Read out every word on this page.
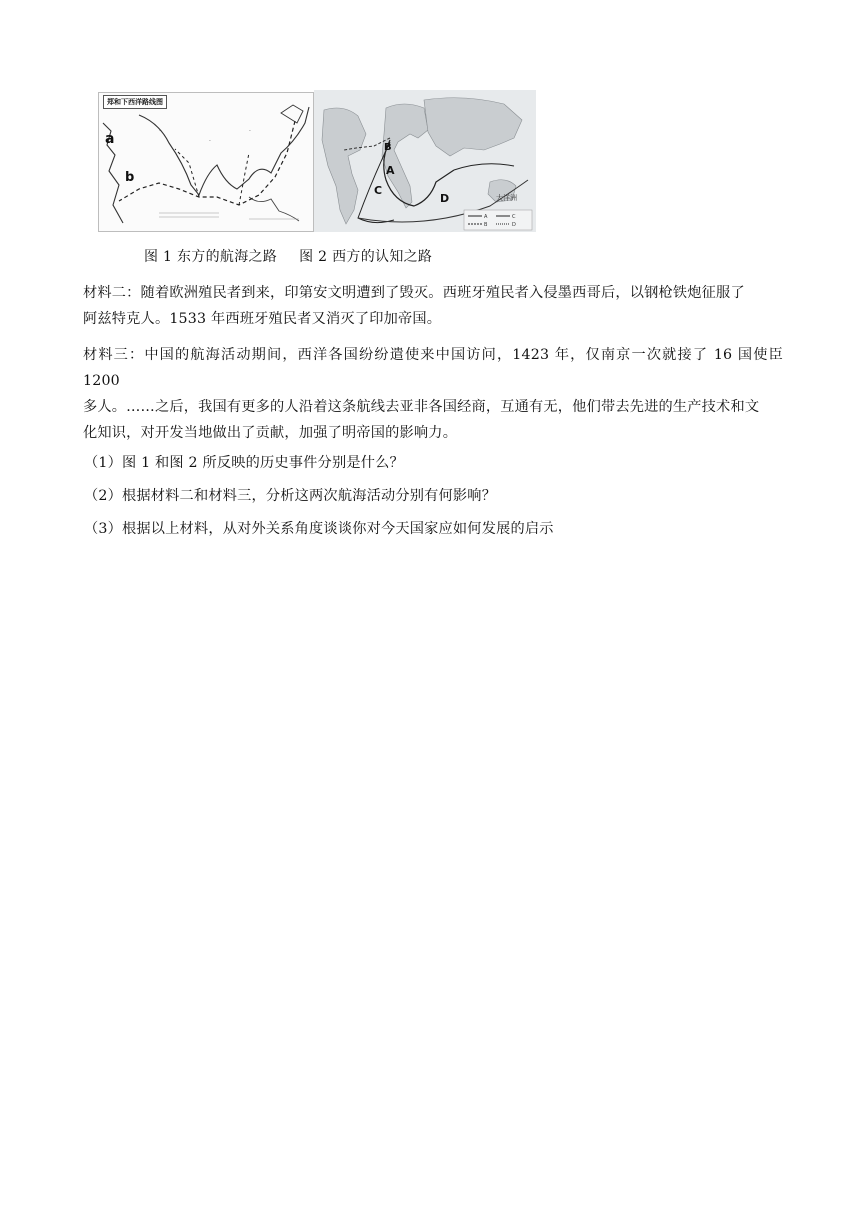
·
·
·
a
b
郑和下西洋路线图
B
A
C
D	大洋洲
A	C
B	D
图 1 东方的航海之路 图 2 西方的认知之路
材料二：随着欧洲殖民者到来，印第安文明遭到了毁灭。西班牙殖民者入侵墨西哥后，以钢枪铁炮征服了
阿兹特克人。1533 年西班牙殖民者又消灭了印加帝国。
材料三：中国的航海活动期间，西洋各国纷纷遣使来中国访问，1423 年，仅南京一次就接了 16 国使臣 1200
多人。……之后，我国有更多的人沿着这条航线去亚非各国经商，互通有无，他们带去先进的生产技术和文
化知识，对开发当地做出了贡献，加强了明帝国的影响力。
（1）图 1 和图 2 所反映的历史事件分别是什么？
（2）根据材料二和材料三，分析这两次航海活动分别有何影响？
（3）根据以上材料，从对外关系角度谈谈你对今天国家应如何发展的启示
